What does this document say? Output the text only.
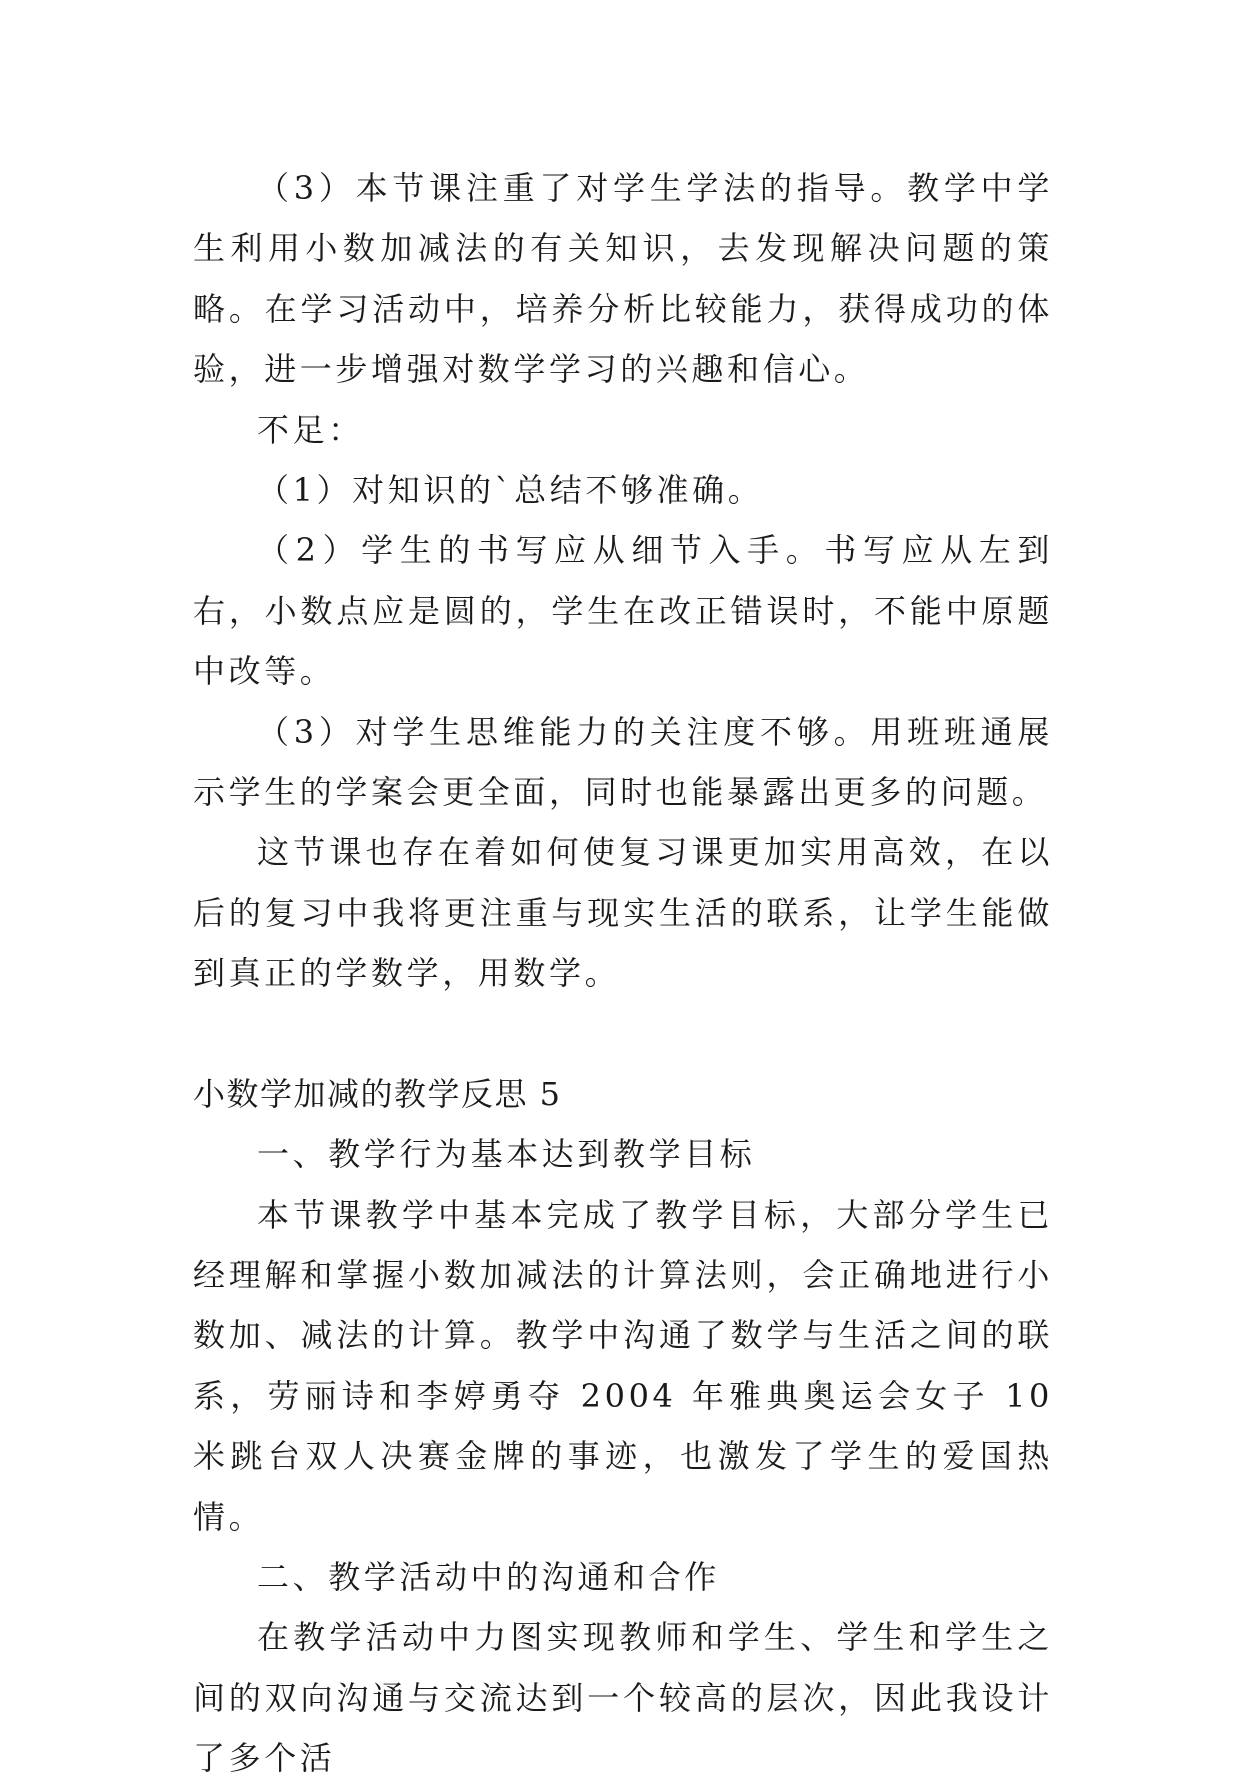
（3）本节课注重了对学生学法的指导。教学中学生利用小数加减法的有关知识，去发现解决问题的策略。在学习活动中，培养分析比较能力，获得成功的体验，进一步增强对数学学习的兴趣和信心。

不足：

（1）对知识的`总结不够准确。

（2）学生的书写应从细节入手。书写应从左到右，小数点应是圆的，学生在改正错误时，不能中原题中改等。

（3）对学生思维能力的关注度不够。用班班通展示学生的学案会更全面，同时也能暴露出更多的问题。

这节课也存在着如何使复习课更加实用高效，在以后的复习中我将更注重与现实生活的联系，让学生能做到真正的学数学，用数学。

小数学加减的教学反思 5

一、教学行为基本达到教学目标

本节课教学中基本完成了教学目标，大部分学生已经理解和掌握小数加减法的计算法则，会正确地进行小数加、减法的计算。教学中沟通了数学与生活之间的联系，劳丽诗和李婷勇夺 2004 年雅典奥运会女子 10 米跳台双人决赛金牌的事迹，也激发了学生的爱国热情。

二、教学活动中的沟通和合作

在教学活动中力图实现教师和学生、学生和学生之间的双向沟通与交流达到一个较高的层次，因此我设计了多个活
